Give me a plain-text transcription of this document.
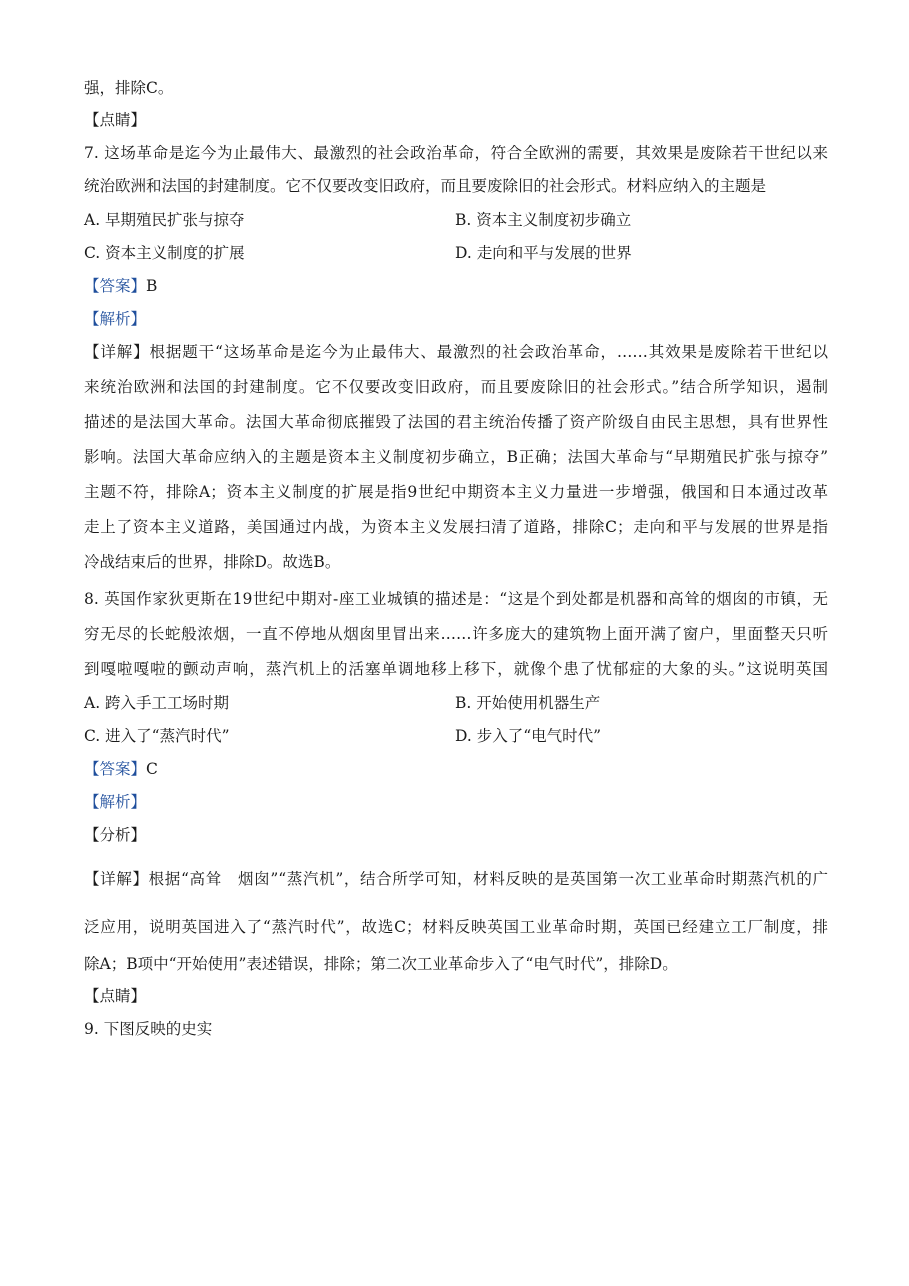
强，排除C。
【点睛】
7. 这场革命是迄今为止最伟大、最激烈的社会政治革命，符合全欧洲的需要，其效果是废除若干世纪以来
统治欧洲和法国的封建制度。它不仅要改变旧政府，而且要废除旧的社会形式。材料应纳入的主题是
A. 早期殖民扩张与掠夺	B. 资本主义制度初步确立
C. 资本主义制度的扩展	D. 走向和平与发展的世界
【答案】B
【解析】
【详解】根据题干“这场革命是迄今为止最伟大、最激烈的社会政治革命，……其效果是废除若干世纪以
来统治欧洲和法国的封建制度。它不仅要改变旧政府，而且要废除旧的社会形式。”结合所学知识，遏制
描述的是法国大革命。法国大革命彻底摧毁了法国的君主统治传播了资产阶级自由民主思想，具有世界性
影响。法国大革命应纳入的主题是资本主义制度初步确立，B正确；法国大革命与“早期殖民扩张与掠夺”
主题不符，排除A；资本主义制度的扩展是指9世纪中期资本主义力量进一步增强，俄国和日本通过改革
走上了资本主义道路，美国通过内战，为资本主义发展扫清了道路，排除C；走向和平与发展的世界是指
冷战结束后的世界，排除D。故选B。
8. 英国作家狄更斯在19世纪中期对-座工业城镇的描述是：“这是个到处都是机器和高耸的烟囱的市镇，无
穷无尽的长蛇般浓烟，一直不停地从烟囱里冒出来……许多庞大的建筑物上面开满了窗户，里面整天只听
到嘎啦嘎啦的颤动声响，蒸汽机上的活塞单调地移上移下，就像个患了忧郁症的大象的头。”这说明英国
A. 跨入手工工场时期	B. 开始使用机器生产
C. 进入了“蒸汽时代”	D. 步入了“电气时代”
【答案】C
【解析】
【分析】
【详解】根据“高耸　烟囱”“蒸汽机”，结合所学可知，材料反映的是英国第一次工业革命时期蒸汽机的广
泛应用，说明英国进入了“蒸汽时代”，故选C；材料反映英国工业革命时期，英国已经建立工厂制度，排
除A；B项中“开始使用”表述错误，排除；第二次工业革命步入了“电气时代”，排除D。
【点睛】
9. 下图反映的史实
